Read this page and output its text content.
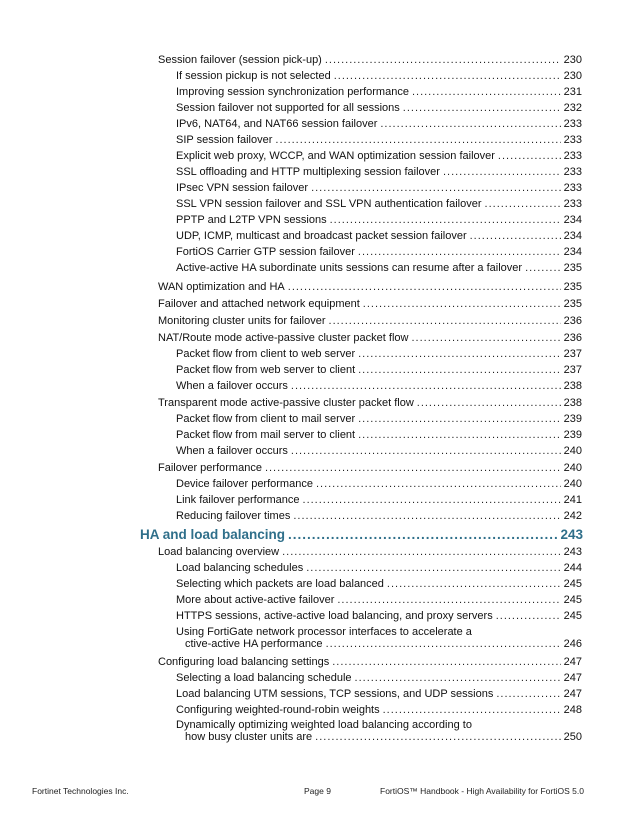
Session failover (session pick-up) .....	230
If session pickup is not selected .....	230
Improving session synchronization performance .....	231
Session failover not supported for all sessions .....	232
IPv6, NAT64, and NAT66 session failover .....	233
SIP session failover .....	233
Explicit web proxy, WCCP, and WAN optimization session failover .....	233
SSL offloading and HTTP multiplexing session failover .....	233
IPsec VPN session failover .....	233
SSL VPN session failover and SSL VPN authentication failover .....	233
PPTP and L2TP VPN sessions .....	234
UDP, ICMP, multicast and broadcast packet session failover .....	234
FortiOS Carrier GTP session failover .....	234
Active-active HA subordinate units sessions can resume after a failover .....	235
WAN optimization and HA .....	235
Failover and attached network equipment .....	235
Monitoring cluster units for failover .....	236
NAT/Route mode active-passive cluster packet flow .....	236
Packet flow from client to web server .....	237
Packet flow from web server to client .....	237
When a failover occurs .....	238
Transparent mode active-passive cluster packet flow .....	238
Packet flow from client to mail server .....	239
Packet flow from mail server to client .....	239
When a failover occurs .....	240
Failover performance .....	240
Device failover performance .....	240
Link failover performance .....	241
Reducing failover times .....	242
HA and load balancing .....	243
Load balancing overview .....	243
Load balancing schedules .....	244
Selecting which packets are load balanced .....	245
More about active-active failover .....	245
HTTPS sessions, active-active load balancing, and proxy servers .....	245
Using FortiGate network processor interfaces to accelerate a
ctive-active HA performance .....	246
Configuring load balancing settings .....	247
Selecting a load balancing schedule .....	247
Load balancing UTM sessions, TCP sessions, and UDP sessions .....	247
Configuring weighted-round-robin weights .....	248
Dynamically optimizing weighted load balancing according to
how busy cluster units are .....	250
Fortinet Technologies Inc.	Page 9	FortiOS™ Handbook - High Availability for FortiOS 5.0
